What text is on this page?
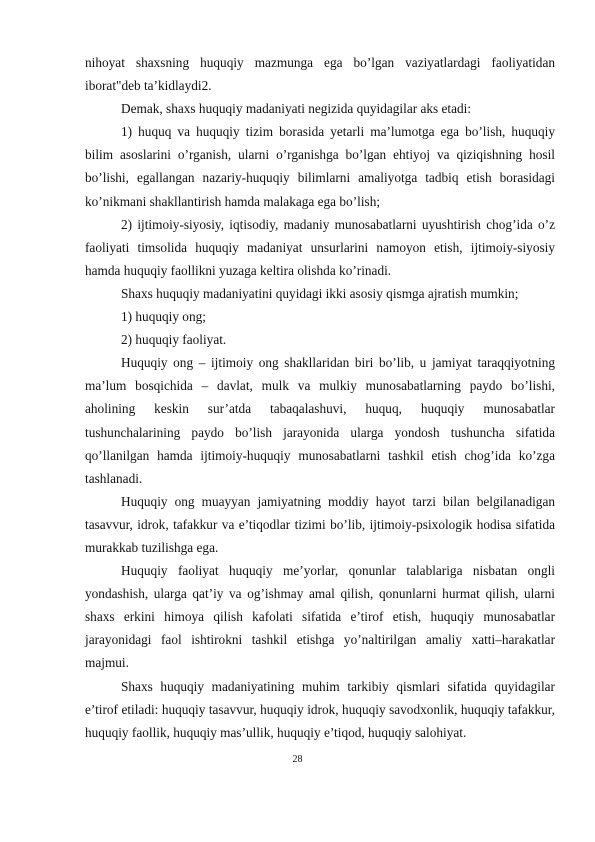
nihoyat shaxsning huquqiy mazmunga ega bo’lgan vaziyatlardagi faoliyatidan iborat"deb ta’kidlaydi2.

Demak, shaxs huquqiy madaniyati negizida quyidagilar aks etadi:

1) huquq va huquqiy tizim borasida yetarli ma’lumotga ega bo’lish, huquqiy bilim asoslarini o’rganish, ularni o’rganishga bo’lgan ehtiyoj va qiziqishning hosil bo’lishi, egallangan nazariy-huquqiy bilimlarni amaliyotga tadbiq etish borasidagi ko’nikmani shakllantirish hamda malakaga ega bo’lish;

2) ijtimoiy-siyosiy, iqtisodiy, madaniy munosabatlarni uyushtirish chog’ida o’z faoliyati timsolida huquqiy madaniyat unsurlarini namoyon etish, ijtimoiy-siyosiy hamda huquqiy faollikni yuzaga keltira olishda ko’rinadi.

Shaxs huquqiy madaniyatini quyidagi ikki asosiy qismga ajratish mumkin;

1) huquqiy ong;

2) huquqiy faoliyat.

Huquqiy ong – ijtimoiy ong shakllaridan biri bo’lib, u jamiyat taraqqiyotning ma’lum bosqichida – davlat, mulk va mulkiy munosabatlarning paydo bo’lishi, aholining keskin sur’atda tabaqalashuvi, huquq, huquqiy munosabatlar tushunchalarining paydo bo’lish jarayonida ularga yondosh tushuncha sifatida qo’llanilgan hamda ijtimoiy-huquqiy munosabatlarni tashkil etish chog’ida ko’zga tashlanadi.

Huquqiy ong muayyan jamiyatning moddiy hayot tarzi bilan belgilanadigan tasavvur, idrok, tafakkur va e’tiqodlar tizimi bo’lib, ijtimoiy-psixologik hodisa sifatida murakkab tuzilishga ega.

Huquqiy faoliyat huquqiy me’yorlar, qonunlar talablariga nisbatan ongli yondashish, ularga qat’iy va og’ishmay amal qilish, qonunlarni hurmat qilish, ularni shaxs erkini himoya qilish kafolati sifatida e’tirof etish, huquqiy munosabatlar jarayonidagi faol ishtirokni tashkil etishga yo’naltirilgan amaliy xatti–harakatlar majmui.

Shaxs huquqiy madaniyatining muhim tarkibiy qismlari sifatida quyidagilar e’tirof etiladi: huquqiy tasavvur, huquqiy idrok, huquqiy savodxonlik, huquqiy tafakkur, huquqiy faollik, huquqiy mas’ullik, huquqiy e’tiqod, huquqiy salohiyat.

28
